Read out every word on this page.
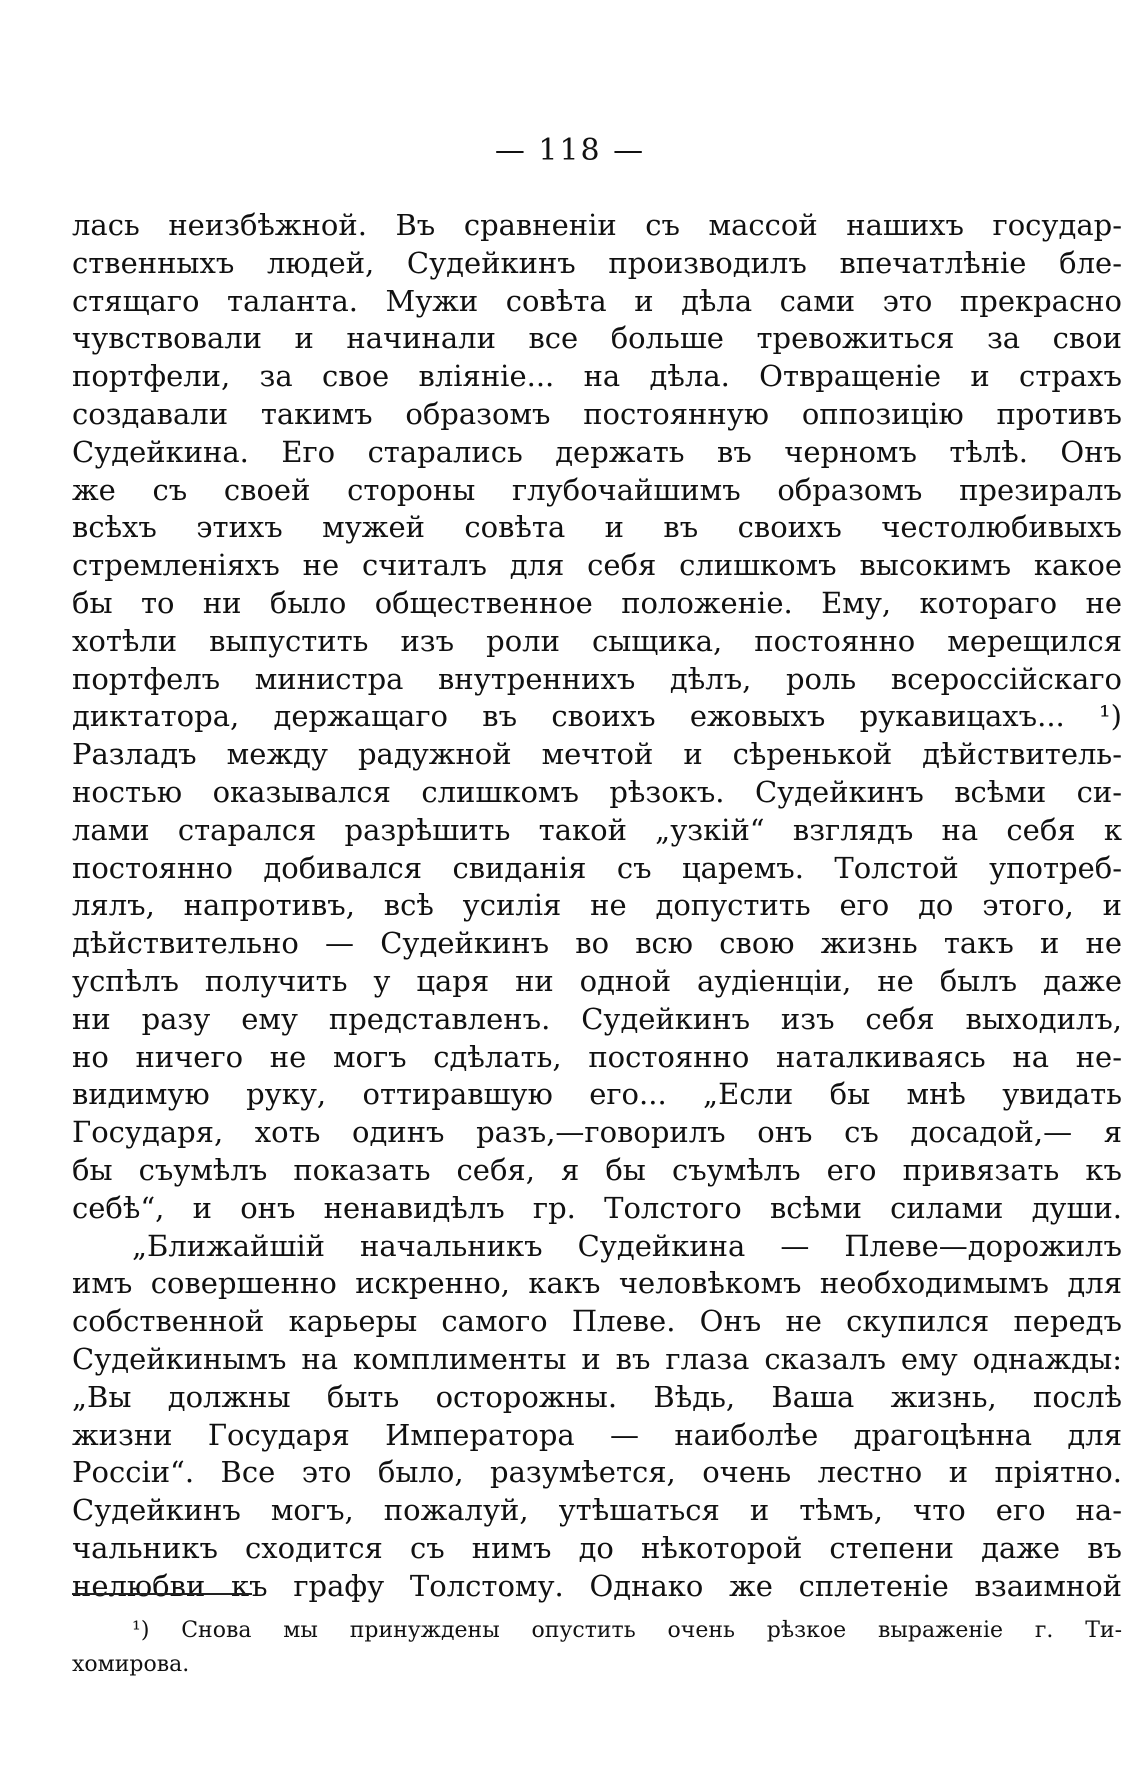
— 118 —
лась неизбѣжной. Въ сравненіи съ массой нашихъ государ-
ственныхъ людей, Судейкинъ производилъ впечатлѣніе бле-
стящаго таланта. Мужи совѣта и дѣла сами это прекрасно
чувствовали и начинали все больше тревожиться за свои
портфели, за свое вліяніе... на дѣла. Отвращеніе и страхъ
создавали такимъ образомъ постоянную оппозицію противъ
Судейкина. Его старались держать въ черномъ тѣлѣ. Онъ
же съ своей стороны глубочайшимъ образомъ презиралъ
всѣхъ этихъ мужей совѣта и въ своихъ честолюбивыхъ
стремленіяхъ не считалъ для себя слишкомъ высокимъ какое
бы то ни было общественное положеніе. Ему, котораго не
хотѣли выпустить изъ роли сыщика, постоянно мерещился
портфелъ министра внутреннихъ дѣлъ, роль всероссійскаго
диктатора, держащаго въ своихъ ежовыхъ рукавицахъ... ¹)
Разладъ между радужной мечтой и сѣренькой дѣйствитель-
ностью оказывался слишкомъ рѣзокъ. Судейкинъ всѣми си-
лами старался разрѣшить такой „узкій“ взглядъ на себя к
постоянно добивался свиданія съ царемъ. Толстой употреб-
лялъ, напротивъ, всѣ усилія не допустить его до этого, и
дѣйствительно — Судейкинъ во всю свою жизнь такъ и не
успѣлъ получить у царя ни одной аудіенціи, не былъ даже
ни разу ему представленъ. Судейкинъ изъ себя выходилъ,
но ничего не могъ сдѣлать, постоянно наталкиваясь на не-
видимую руку, оттиравшую его... „Если бы мнѣ увидать
Государя, хоть одинъ разъ,—говорилъ онъ съ досадой,— я
бы съумѣлъ показать себя, я бы съумѣлъ его привязать къ
себѣ“, и онъ ненавидѣлъ гр. Толстого всѣми силами души.
„Ближайшій начальникъ Судейкина — Плеве—дорожилъ
имъ совершенно искренно, какъ человѣкомъ необходимымъ для
собственной карьеры самого Плеве. Онъ не скупился передъ
Судейкинымъ на комплименты и въ глаза сказалъ ему однажды:
„Вы должны быть осторожны. Вѣдь, Ваша жизнь, послѣ
жизни Государя Императора — наиболѣе драгоцѣнна для
Россіи“. Все это было, разумѣется, очень лестно и пріятно.
Судейкинъ могъ, пожалуй, утѣшаться и тѣмъ, что его на-
чальникъ сходится съ нимъ до нѣкоторой степени даже въ
нелюбви къ графу Толстому. Однако же сплетеніе взаимной
¹) Снова мы принуждены опустить очень рѣзкое выраженіе г. Ти-
хомирова.
